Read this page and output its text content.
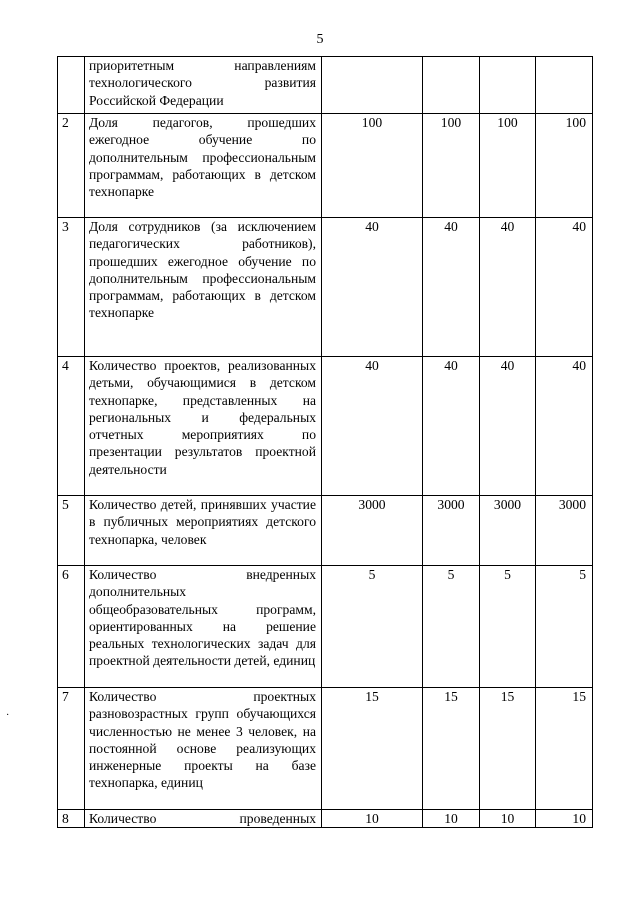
5
	приоритетным направлениям технологического развития Российской Федерации				
2	Доля педагогов, прошедших ежегодное обучение по дополнительным профессиональным программам, работающих в детском технопарке	100	100	100	100
3	Доля сотрудников (за исключением педагогических работников), прошедших ежегодное обучение по дополнительным профессиональным программам, работающих в детском технопарке	40	40	40	40
4	Количество проектов, реализованных детьми, обучающимися в детском технопарке, представленных на региональных и федеральных отчетных мероприятиях по презентации результатов проектной деятельности	40	40	40	40
5	Количество детей, принявших участие в публичных мероприятиях детского технопарка, человек	3000	3000	3000	3000
6	Количество внедренных дополнительных общеобразовательных программ, ориентированных на решение реальных технологических задач для проектной деятельности детей, единиц	5	5	5	5
7	Количество проектных разновозрастных групп обучающихся численностью не менее 3 человек, на постоянной основе реализующих инженерные проекты на базе технопарка, единиц	15	15	15	15
8	Количество проведенных	10	10	10	10
·
